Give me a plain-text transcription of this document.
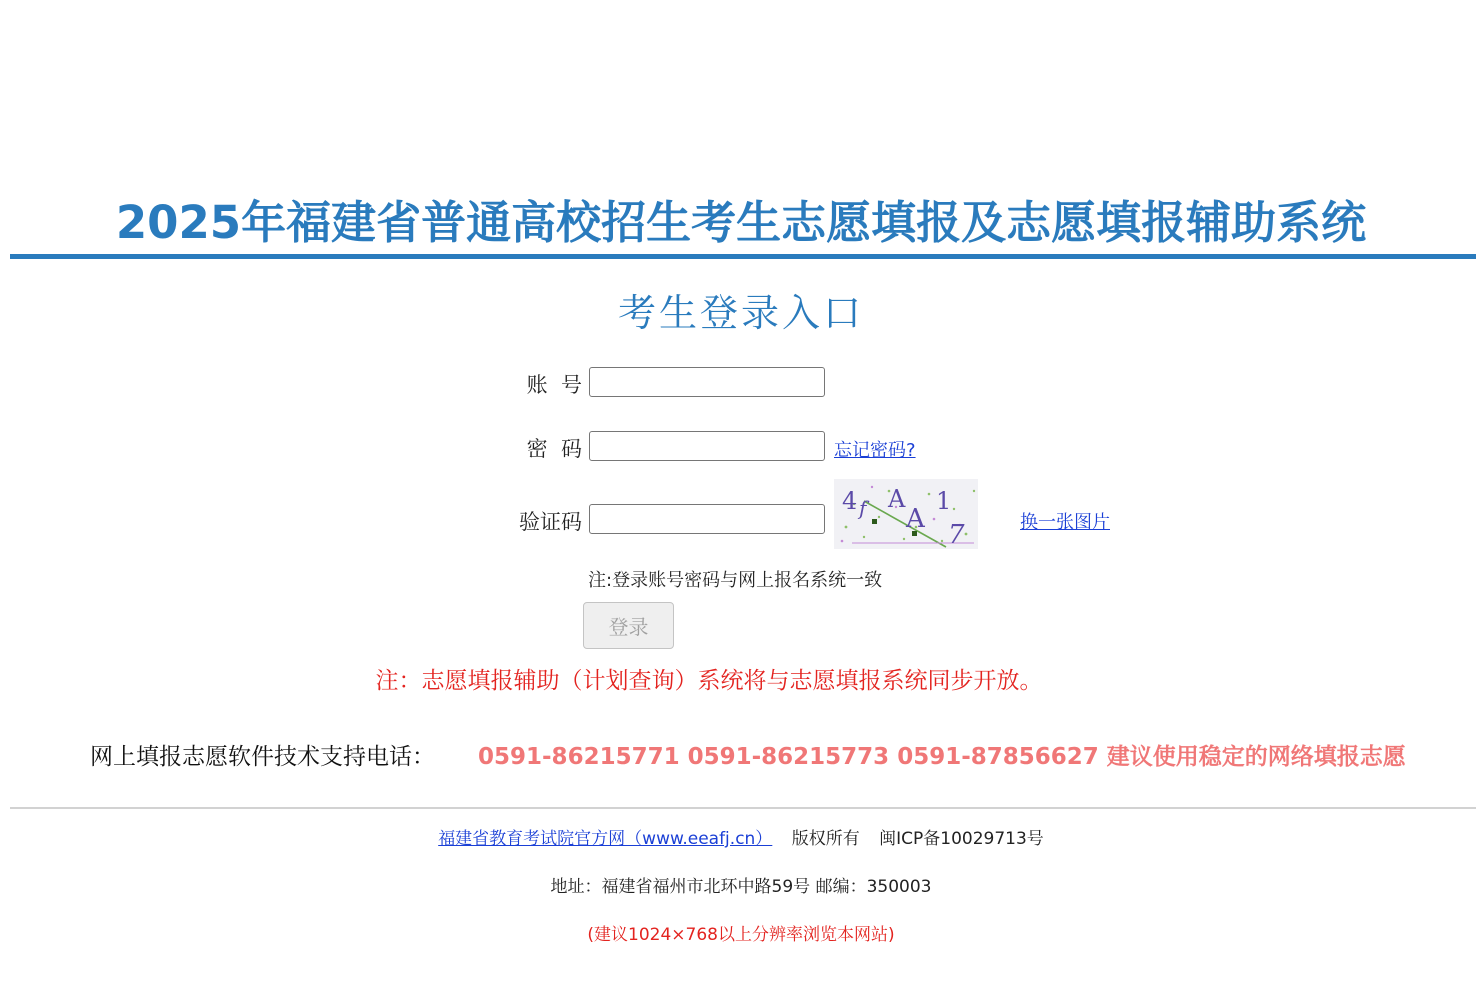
2025年福建省普通高校招生考生志愿填报及志愿填报辅助系统
考生登录入口
账  号
密  码	忘记密码?
验证码
4 f A
A
1
7	换一张图片
注:登录账号密码与网上报名系统一致
登录
注：志愿填报辅助（计划查询）系统将与志愿填报系统同步开放。
网上填报志愿软件技术支持电话： 0591-86215771 0591-86215773 0591-87856627 建议使用稳定的网络填报志愿
福建省教育考试院官方网（www.eeafj.cn） 版权所有 闽ICP备10029713号
地址：福建省福州市北环中路59号 邮编：350003
(建议1024×768以上分辨率浏览本网站)
